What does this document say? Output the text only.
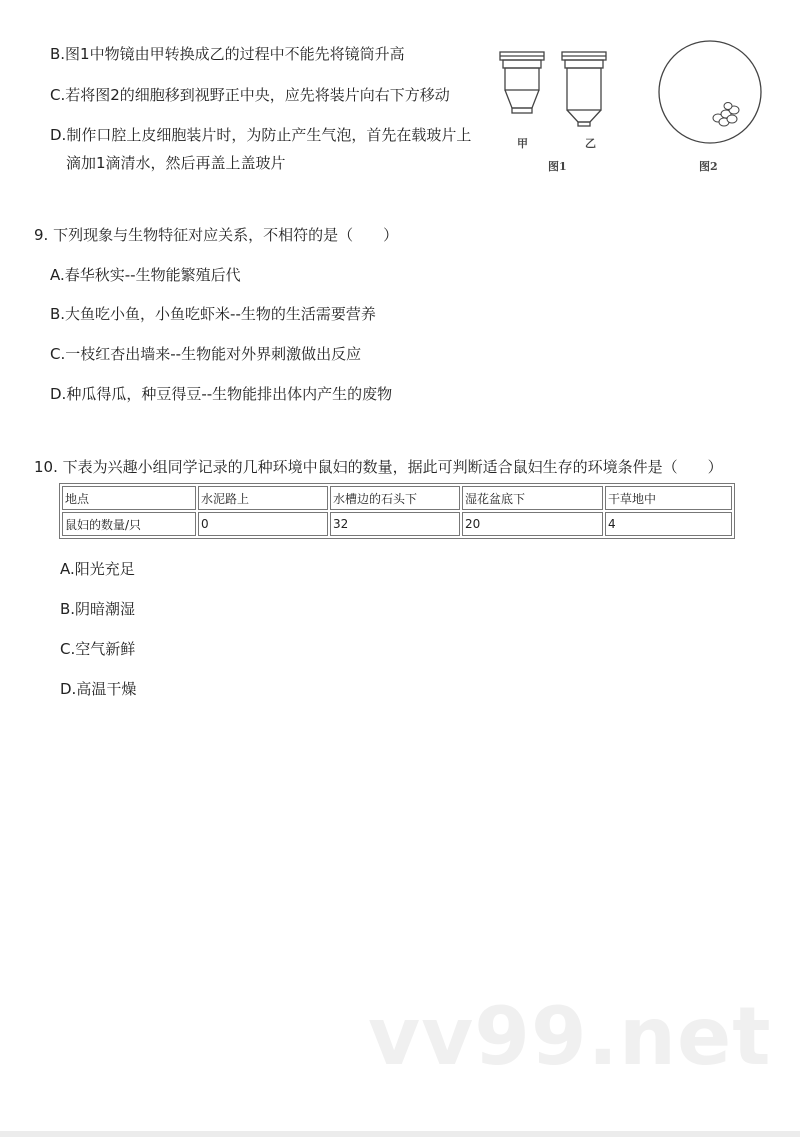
B.图1中物镜由甲转换成乙的过程中不能先将镜筒升高
C.若将图2的细胞移到视野正中央，应先将装片向右下方移动
D.制作口腔上皮细胞装片时，为防止产生气泡，首先在载玻片上
滴加1滴清水，然后再盖上盖玻片
甲	乙
图1	图2
9. 下列现象与生物特征对应关系，不相符的是（　　）
A.春华秋实--生物能繁殖后代
B.大鱼吃小鱼，小鱼吃虾米--生物的生活需要营养
C.一枝红杏出墙来--生物能对外界刺激做出反应
D.种瓜得瓜，种豆得豆--生物能排出体内产生的废物
10. 下表为兴趣小组同学记录的几种环境中鼠妇的数量，据此可判断适合鼠妇生存的环境条件是（　　）
地点	水泥路上	水槽边的石头下	湿花盆底下	干草地中
鼠妇的数量/只	0	32	20	4
A.阳光充足
B.阴暗潮湿
C.空气新鲜
D.高温干燥
vv99.net
